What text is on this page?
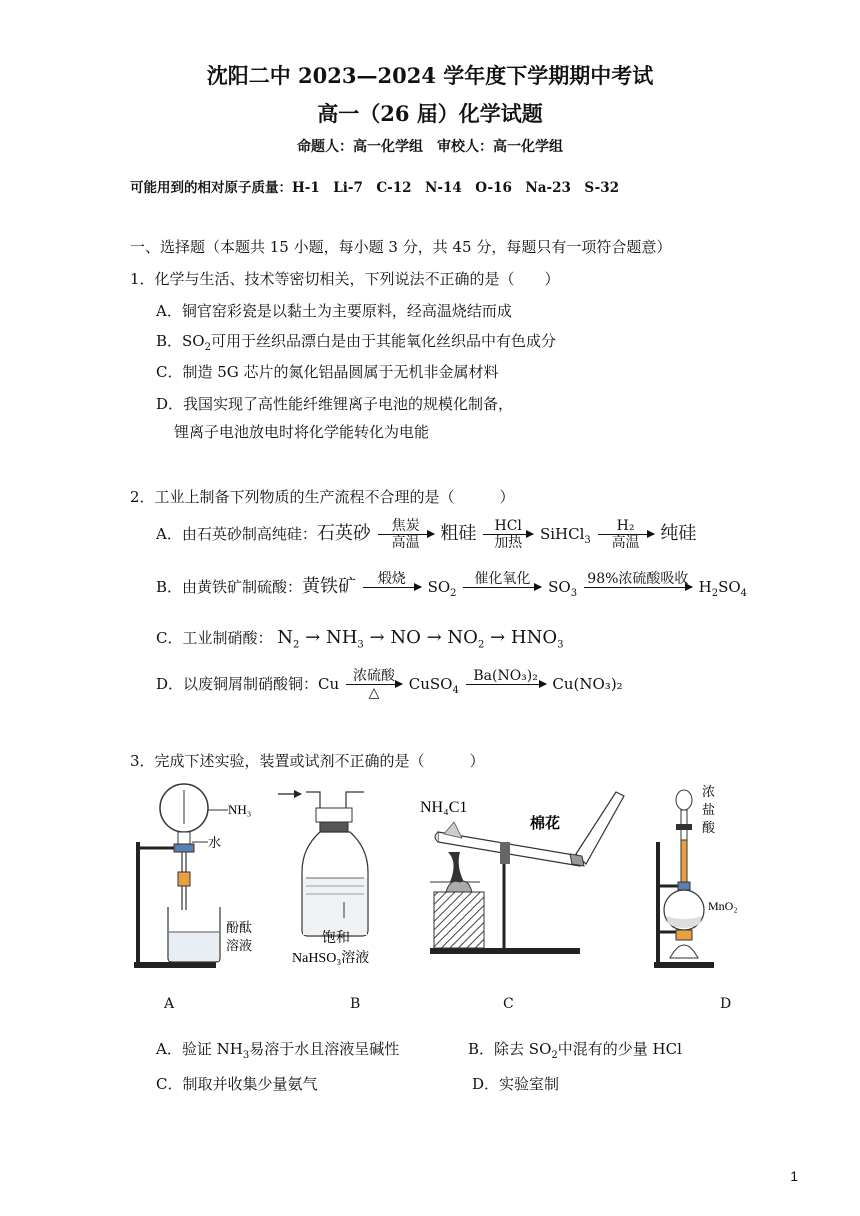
沈阳二中 2023—2024 学年度下学期期中考试
高一（26 届）化学试题
命题人：高一化学组　审校人：高一化学组
可能用到的相对原子质量：H-1　Li-7　C-12　N-14　O-16　Na-23　S-32
一、选择题（本题共 15 小题，每小题 3 分，共 45 分，每题只有一项符合题意）
1．化学与生活、技术等密切相关，下列说法不正确的是（　　）
A．铜官窑彩瓷是以黏土为主要原料，经高温烧结而成
B．$SO_2$可用于丝织品漂白是由于其能氧化丝织品中有色成分
C．制造 5G 芯片的氮化铝晶圆属于无机非金属材料
D．我国实现了高性能纤维锂离子电池的规模化制备，
锂离子电池放电时将化学能转化为电能
2．工业上制备下列物质的生产流程不合理的是（　　　）
A．由石英砂制高纯硅：石英砂	焦炭
高温	粗硅	HCl
加热	SiHCl$_3$
H₂
高温	纯硅
B．由黄铁矿制硫酸：黄铁矿	煅烧
	$SO_2$
催化氧化
	$SO_3$
98%浓硫酸吸收
$H_2SO_4$
C．工业制硝酸： $N_2 \to NH_3$ → NO → $NO_2 \to HNO_3$
D．以废铜屑制硝酸铜：Cu 浓硫酸
△	CuSO$_4$
Ba(NO₃)₂
Cu(NO₃)₂
3．完成下述实验，装置或试剂不正确的是（　　　）
NH₃
水
酚酞
溶液
饱和
NaHSO₃溶液
NH₄C1
棉花
浓
盐
酸
MnO₂
A	B	C	D
A．验证 $NH_3$易溶于水且溶液呈碱性	B．除去 $SO_2$中混有的少量 HCl
C．制取并收集少量氨气	D．实验室制
1
